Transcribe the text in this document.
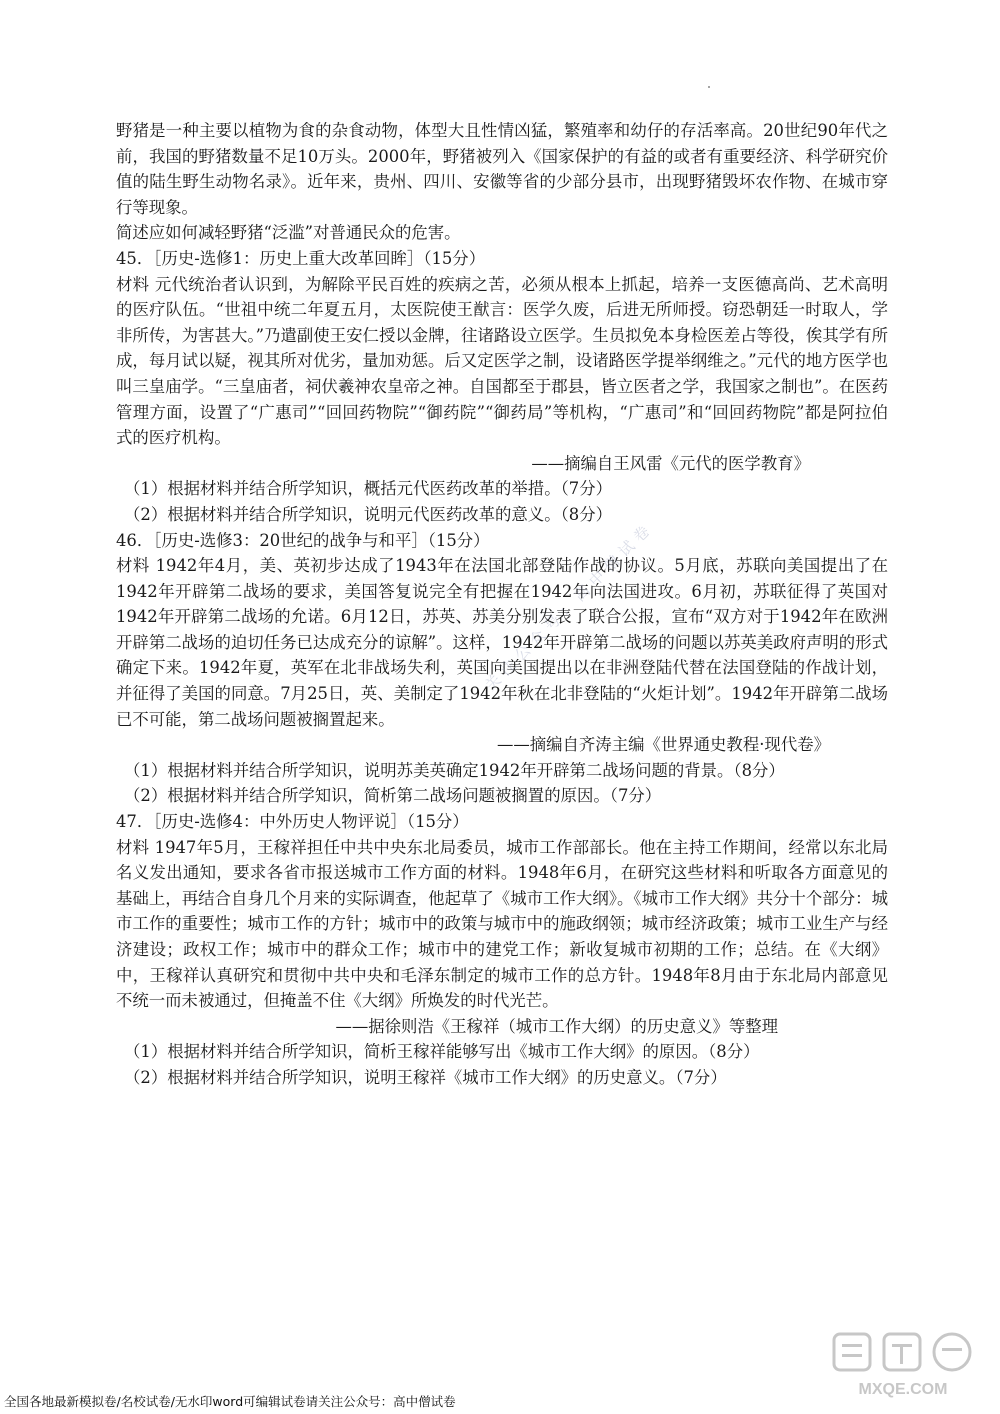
野猪是一种主要以植物为食的杂食动物，体型大且性情凶猛，繁殖率和幼仔的存活率高。20世纪90年代之前，我国的野猪数量不足10万头。2000年，野猪被列入《国家保护的有益的或者有重要经济、科学研究价值的陆生野生动物名录》。近年来，贵州、四川、安徽等省的少部分县市，出现野猪毁坏农作物、在城市穿行等现象。

简述应如何减轻野猪“泛滥”对普通民众的危害。

45．［历史-选修1：历史上重大改革回眸］（15分）

材料 元代统治者认识到，为解除平民百姓的疾病之苦，必须从根本上抓起，培养一支医德高尚、艺术高明的医疗队伍。“世祖中统二年夏五月，太医院使王猷言：医学久废，后进无所师授。窃恐朝廷一时取人，学非所传，为害甚大。”乃遣副使王安仁授以金牌，往诸路设立医学。生员拟免本身检医差占等役，俟其学有所成，每月试以疑，视其所对优劣，量加劝惩。后又定医学之制，设诸路医学提举纲维之。”元代的地方医学也叫三皇庙学。“三皇庙者，祠伏羲神农皇帝之神。自国都至于郡县，皆立医者之学，我国家之制也”。在医药管理方面，设置了“广惠司”“回回药物院”“御药院”“御药局”等机构，“广惠司”和“回回药物院”都是阿拉伯式的医疗机构。

——摘编自王风雷《元代的医学教育》

（1）根据材料并结合所学知识，概括元代医药改革的举措。（7分）

（2）根据材料并结合所学知识，说明元代医药改革的意义。（8分）

46．［历史-选修3：20世纪的战争与和平］（15分）

材料 1942年4月，美、英初步达成了1943年在法国北部登陆作战的协议。5月底，苏联向美国提出了在1942年开辟第二战场的要求，美国答复说完全有把握在1942年向法国进攻。6月初，苏联征得了英国对1942年开辟第二战场的允诺。6月12日，苏英、苏美分别发表了联合公报，宣布“双方对于1942年在欧洲开辟第二战场的迫切任务已达成充分的谅解”。这样，1942年开辟第二战场的问题以苏英美政府声明的形式确定下来。1942年夏，英军在北非战场失利，英国向美国提出以在非洲登陆代替在法国登陆的作战计划，并征得了美国的同意。7月25日，英、美制定了1942年秋在北非登陆的“火炬计划”。1942年开辟第二战场已不可能，第二战场问题被搁置起来。

——摘编自齐涛主编《世界通史教程·现代卷》

（1）根据材料并结合所学知识，说明苏美英确定1942年开辟第二战场问题的背景。（8分）

（2）根据材料并结合所学知识，简析第二战场问题被搁置的原因。（7分）

47．［历史-选修4：中外历史人物评说］（15分）

材料 1947年5月，王稼祥担任中共中央东北局委员，城市工作部部长。他在主持工作期间，经常以东北局名义发出通知，要求各省市报送城市工作方面的材料。1948年6月，在研究这些材料和听取各方面意见的基础上，再结合自身几个月来的实际调查，他起草了《城市工作大纲》。《城市工作大纲》共分十个部分：城市工作的重要性；城市工作的方针；城市中的政策与城市中的施政纲领；城市经济政策；城市工业生产与经济建设；政权工作；城市中的群众工作；城市中的建党工作；新收复城市初期的工作；总结。在《大纲》中，王稼祥认真研究和贯彻中共中央和毛泽东制定的城市工作的总方针。1948年8月由于东北局内部意见不统一而未被通过，但掩盖不住《大纲》所焕发的时代光芒。

——据徐则浩《王稼祥（城市工作大纲）的历史意义》等整理

（1）根据材料并结合所学知识，简析王稼祥能够写出《城市工作大纲》的原因。（8分）

（2）根据材料并结合所学知识，说明王稼祥《城市工作大纲》的历史意义。（7分）

关注公众号：高中僧试卷
MXQE.COM
全国各地最新模拟卷/名校试卷/无水印word可编辑试卷请关注公众号：高中僧试卷
